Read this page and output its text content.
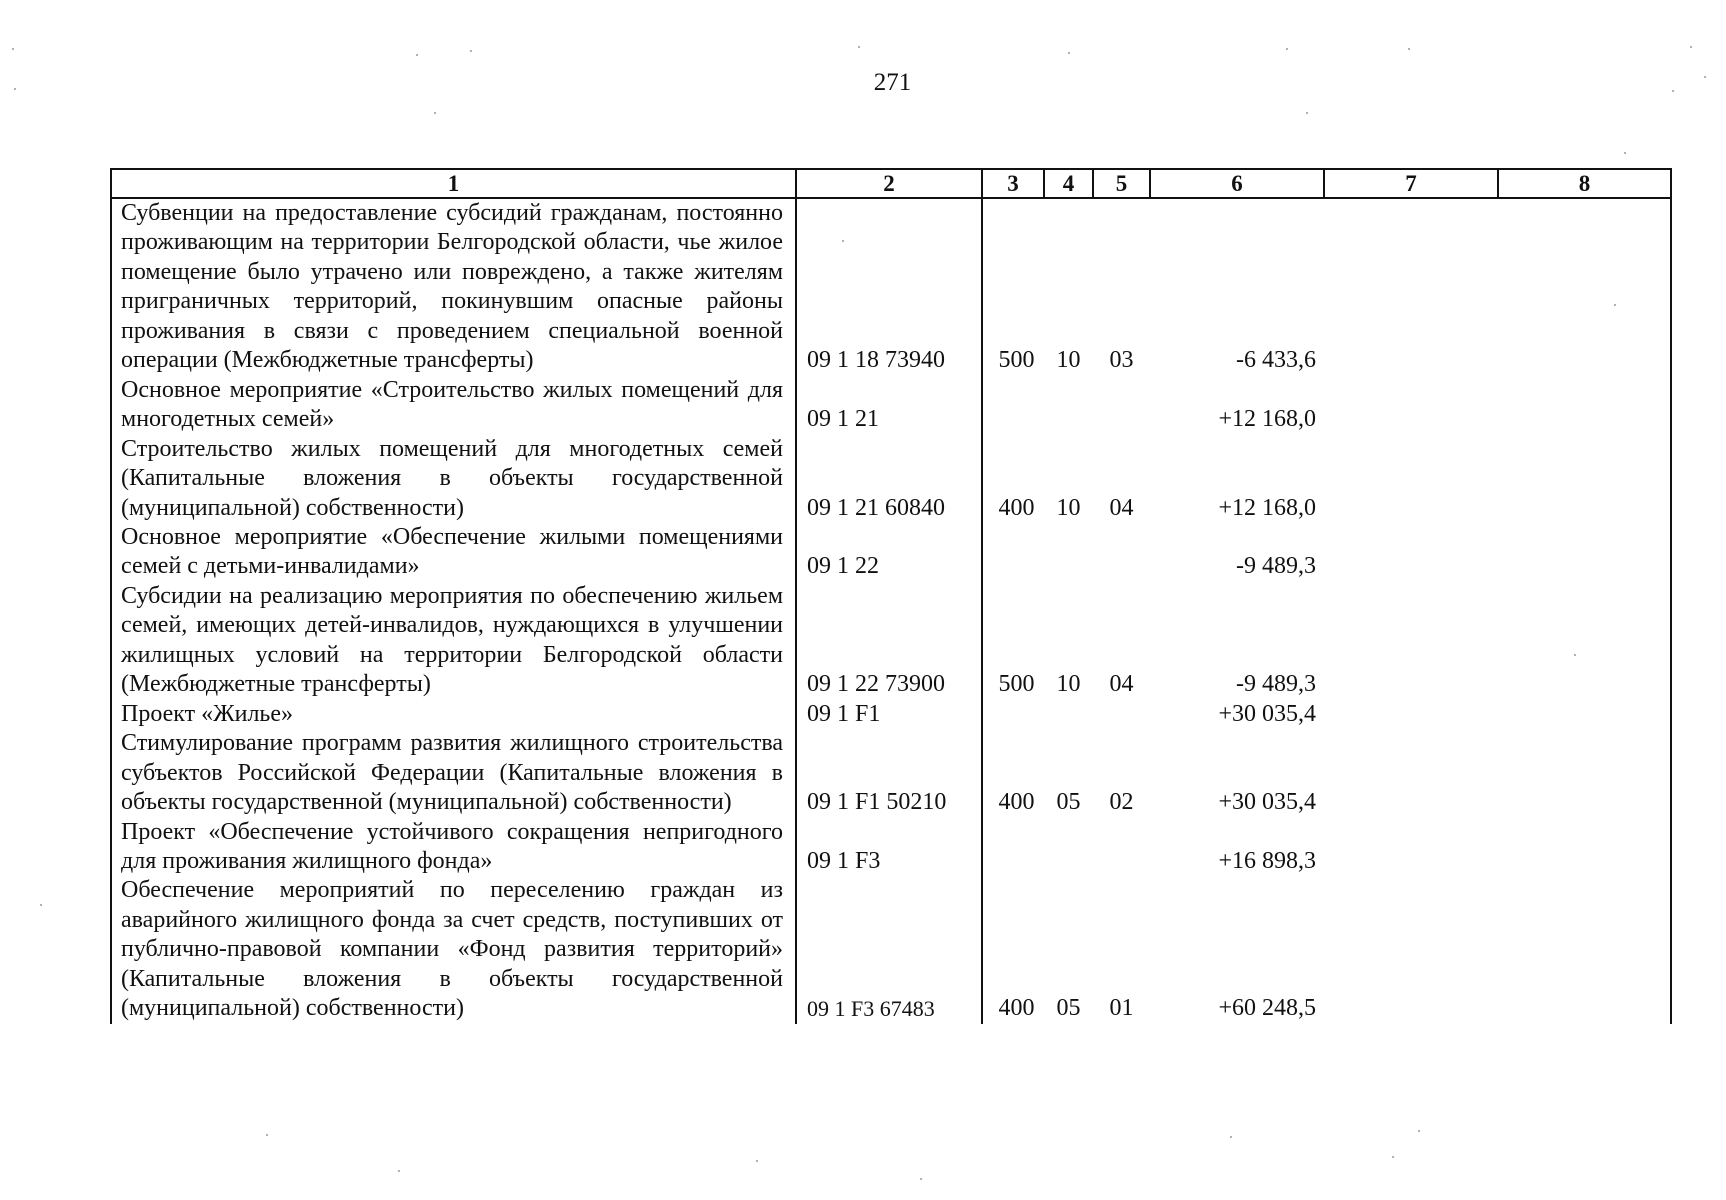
271
1	2	3	4	5	6	7	8
Субвенции на предоставление субсидий гражданам, постоянно проживающим на территории Белгородской области, чье жилое помещение было утрачено или повреждено, а также жителям приграничных территорий, покинувшим опасные районы проживания в связи с проведением специальной военной операции (Межбюджетные трансферты)	09 1 18 73940	500	10	03	-6 433,6		
Основное мероприятие «Строительство жилых помещений для многодетных семей»	09 1 21				+12 168,0		
Строительство жилых помещений для многодетных семей (Капитальные вложения в объекты государственной (муниципальной) собственности)	09 1 21 60840	400	10	04	+12 168,0		
Основное мероприятие «Обеспечение жилыми помещениями семей с детьми-инвалидами»	09 1 22				-9 489,3		
Субсидии на реализацию мероприятия по обеспечению жильем семей, имеющих детей-инвалидов, нуждающихся в улучшении жилищных условий на территории Белгородской области (Межбюджетные трансферты)	09 1 22 73900	500	10	04	-9 489,3		
Проект «Жилье»	09 1 F1				+30 035,4		
Стимулирование программ развития жилищного строительства субъектов Российской Федерации (Капитальные вложения в объекты государственной (муниципальной) собственности)	09 1 F1 50210	400	05	02	+30 035,4		
Проект «Обеспечение устойчивого сокращения непригодного для проживания жилищного фонда»	09 1 F3				+16 898,3		
Обеспечение мероприятий по переселению граждан из аварийного жилищного фонда за счет средств, поступивших от публично-правовой компании «Фонд развития территорий» (Капитальные вложения в объекты государственной (муниципальной) собственности)	09 1 F3 67483	400	05	01	+60 248,5		
